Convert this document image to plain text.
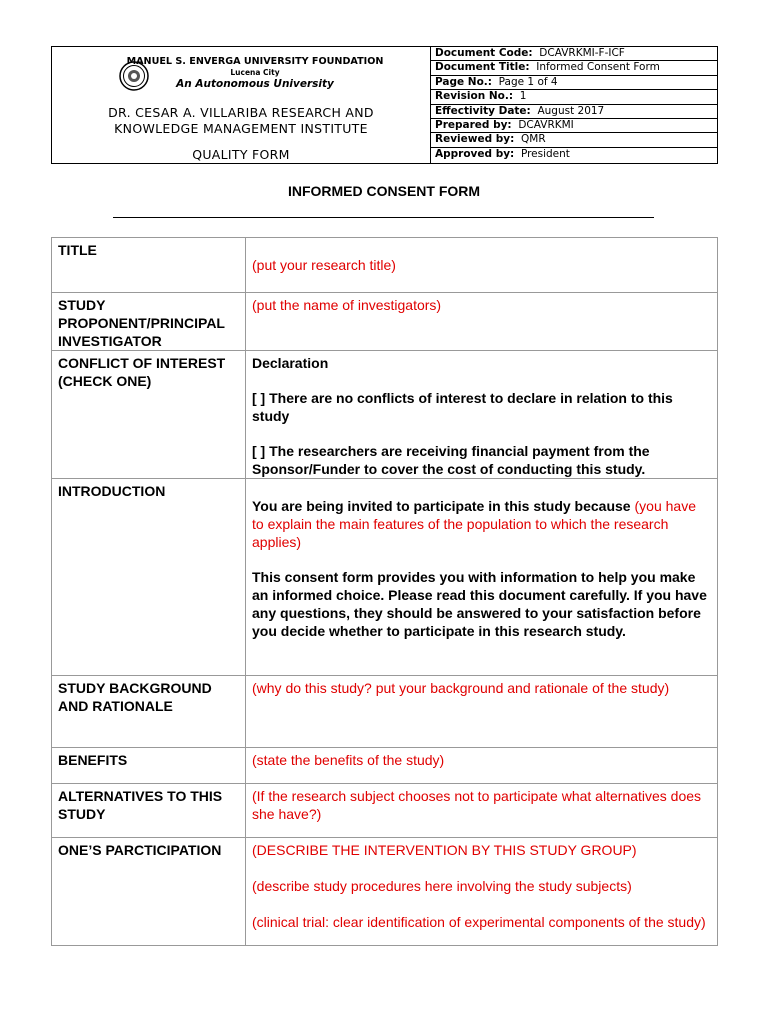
MANUEL S. ENVERGA UNIVERSITY FOUNDATION
Lucena City
An Autonomous University
DR. CESAR A. VILLARIBA RESEARCH AND
KNOWLEDGE MANAGEMENT INSTITUTE
QUALITY FORM
Document Code: DCAVRKMI-F-ICF
Document Title: Informed Consent Form
Page No.: Page 1 of 4
Revision No.: 1
Effectivity Date: August 2017
Prepared by: DCAVRKMI
Reviewed by: QMR
Approved by: President
INFORMED CONSENT FORM
TITLE	(put your research title)

STUDY PROPONENT/PRINCIPAL INVESTIGATOR	(put the name of investigators)

CONFLICT OF INTEREST (CHECK ONE)	Declaration

[ ] There are no conflicts of interest to declare in relation to this study

[ ] The researchers are receiving financial payment from the Sponsor/Funder to cover the cost of conducting this study.

INTRODUCTION	You are being invited to participate in this study because (you have to explain the main features of the population to which the research applies)

This consent form provides you with information to help you make an informed choice. Please read this document carefully. If you have any questions, they should be answered to your satisfaction before you decide whether to participate in this research study.

STUDY BACKGROUND AND RATIONALE	(why do this study? put your background and rationale of the study)

BENEFITS	(state the benefits of the study)

ALTERNATIVES TO THIS STUDY	(If the research subject chooses not to participate what alternatives does she have?)

ONE’S PARCTICIPATION	(DESCRIBE THE INTERVENTION BY THIS STUDY GROUP)

(describe study procedures here involving the study subjects)

(clinical trial: clear identification of experimental components of the study)
